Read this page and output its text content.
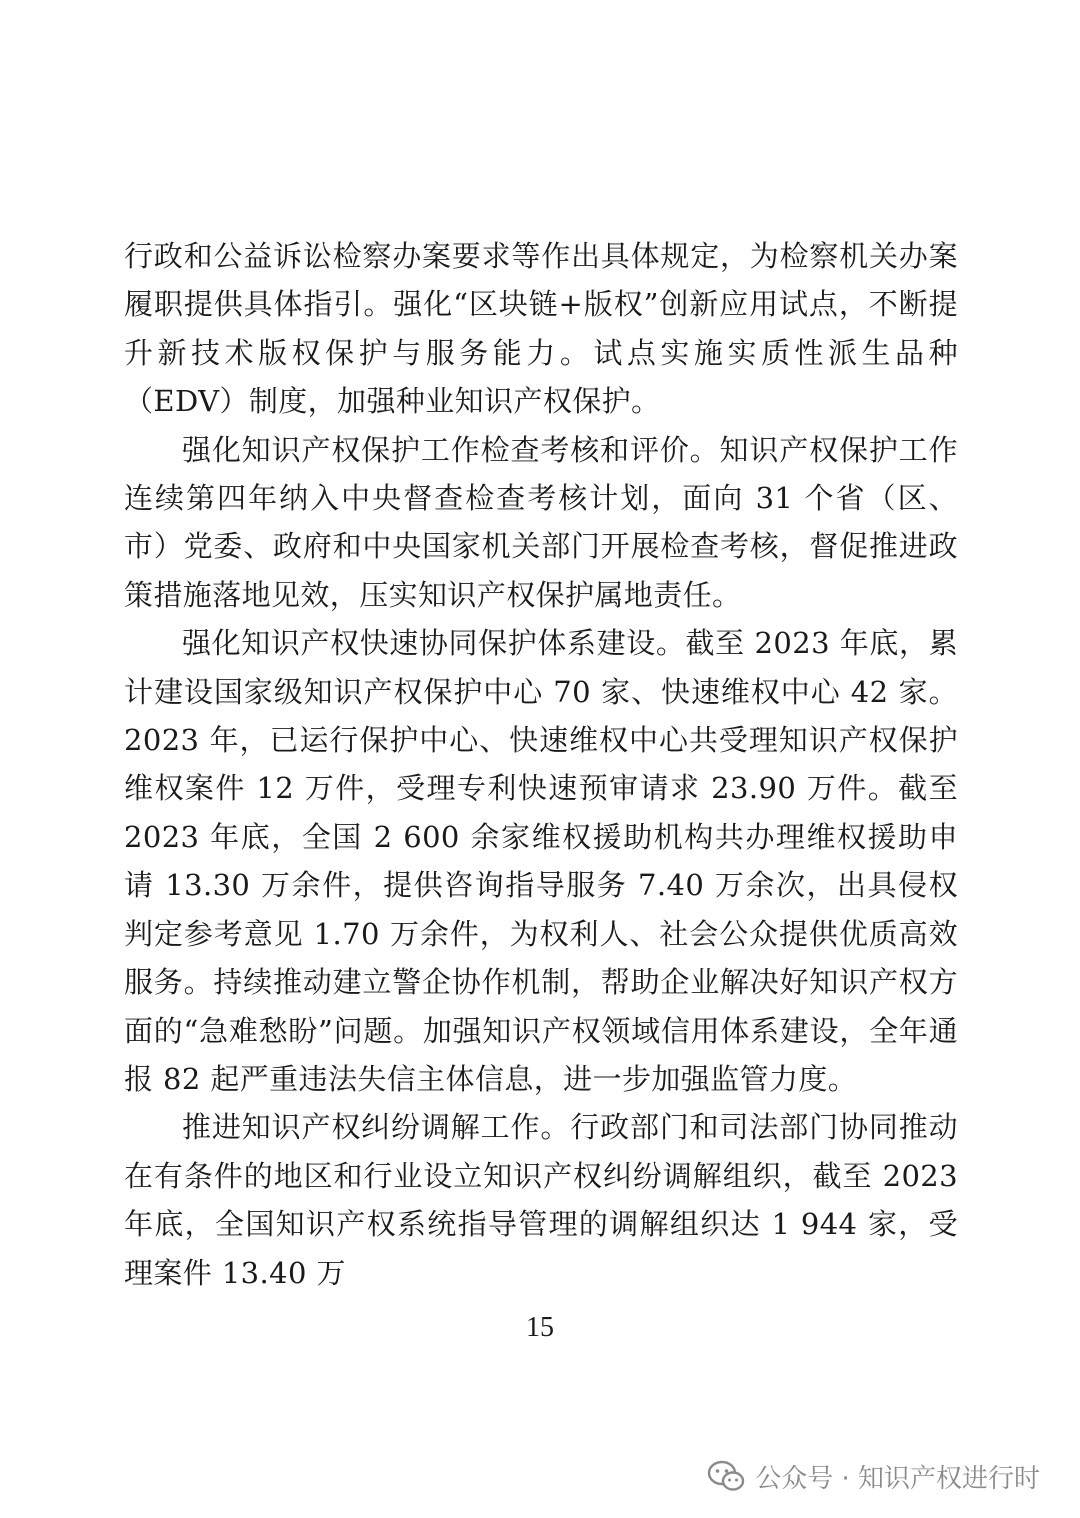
行政和公益诉讼检察办案要求等作出具体规定，为检察机关办案履职提供具体指引。强化“区块链+版权”创新应用试点，不断提升新技术版权保护与服务能力。试点实施实质性派生品种（EDV）制度，加强种业知识产权保护。

强化知识产权保护工作检查考核和评价。知识产权保护工作连续第四年纳入中央督查检查考核计划，面向 31 个省（区、市）党委、政府和中央国家机关部门开展检查考核，督促推进政策措施落地见效，压实知识产权保护属地责任。

强化知识产权快速协同保护体系建设。截至 2023 年底，累计建设国家级知识产权保护中心 70 家、快速维权中心 42 家。2023 年，已运行保护中心、快速维权中心共受理知识产权保护维权案件 12 万件，受理专利快速预审请求 23.90 万件。截至 2023 年底，全国 2 600 余家维权援助机构共办理维权援助申请 13.30 万余件，提供咨询指导服务 7.40 万余次，出具侵权判定参考意见 1.70 万余件，为权利人、社会公众提供优质高效服务。持续推动建立警企协作机制，帮助企业解决好知识产权方面的“急难愁盼”问题。加强知识产权领域信用体系建设，全年通报 82 起严重违法失信主体信息，进一步加强监管力度。

推进知识产权纠纷调解工作。行政部门和司法部门协同推动在有条件的地区和行业设立知识产权纠纷调解组织，截至 2023 年底，全国知识产权系统指导管理的调解组织达 1 944 家，受理案件 13.40 万

15
公众号 · 知识产权进行时
